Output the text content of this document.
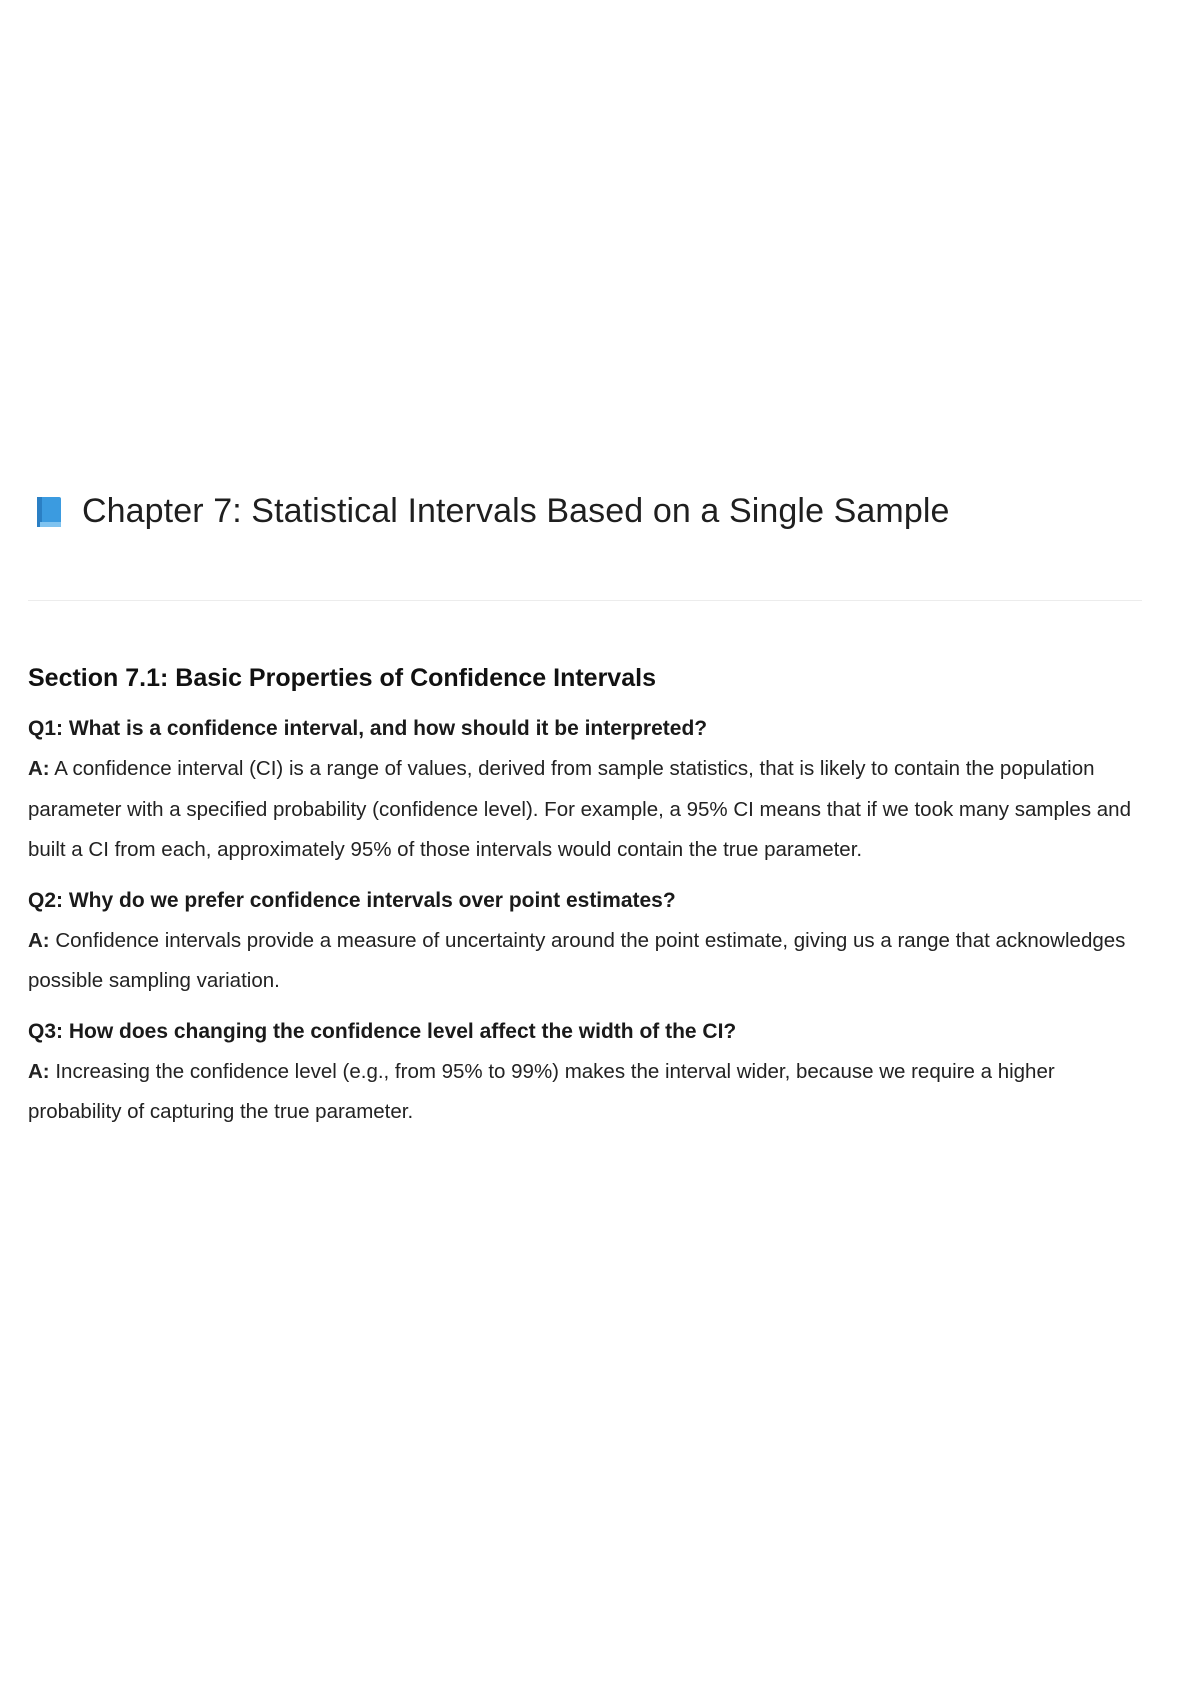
Chapter 7: Statistical Intervals Based on a Single Sample
Section 7.1: Basic Properties of Confidence Intervals

Q1: What is a confidence interval, and how should it be interpreted?

A: A confidence interval (CI) is a range of values, derived from sample statistics, that is likely to contain the population parameter with a specified probability (confidence level). For example, a 95% CI means that if we took many samples and built a CI from each, approximately 95% of those intervals would contain the true parameter.

Q2: Why do we prefer confidence intervals over point estimates?

A: Confidence intervals provide a measure of uncertainty around the point estimate, giving us a range that acknowledges possible sampling variation.

Q3: How does changing the confidence level affect the width of the CI?

A: Increasing the confidence level (e.g., from 95% to 99%) makes the interval wider, because we require a higher probability of capturing the true parameter.
